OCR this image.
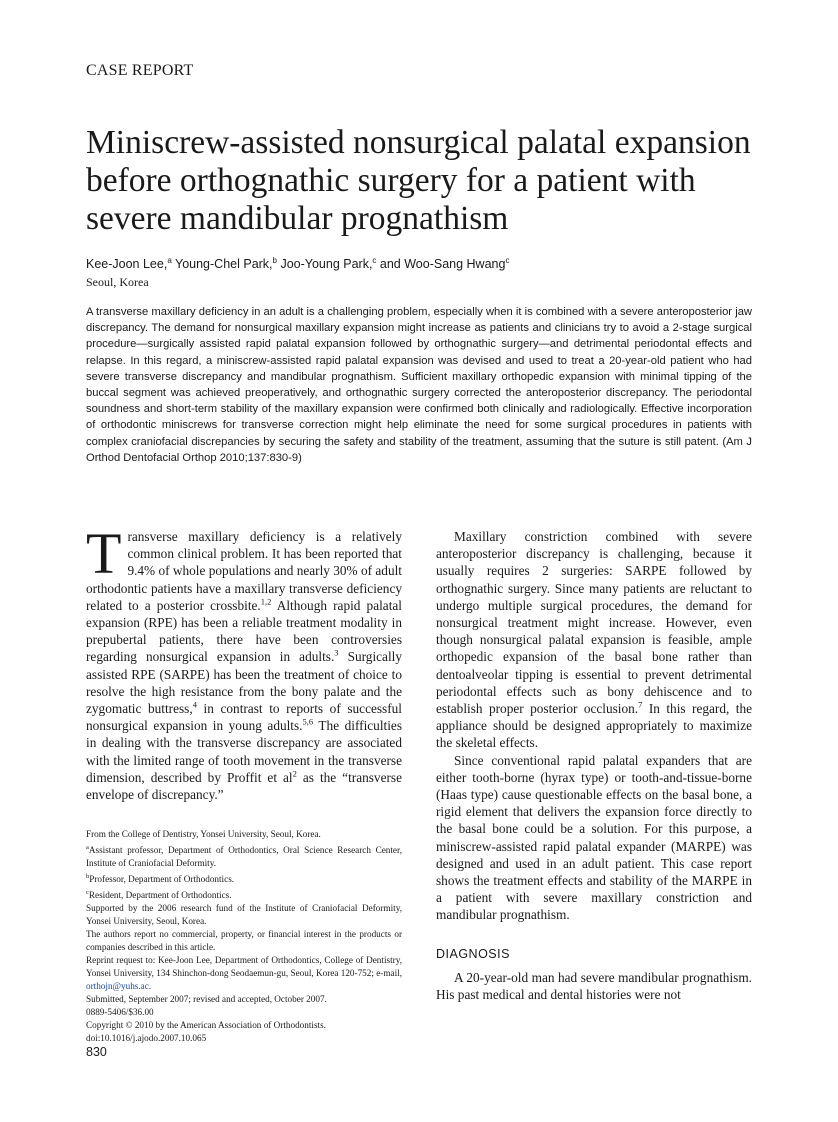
CASE REPORT
Miniscrew-assisted nonsurgical palatal expansion before orthognathic surgery for a patient with severe mandibular prognathism
Kee-Joon Lee,$^a$ Young-Chel Park,$^b$ Joo-Young Park,$^c$ and Woo-Sang Hwang$^c$
Seoul, Korea
A transverse maxillary deficiency in an adult is a challenging problem, especially when it is combined with a severe anteroposterior jaw discrepancy. The demand for nonsurgical maxillary expansion might increase as patients and clinicians try to avoid a 2-stage surgical procedure—surgically assisted rapid palatal expansion followed by orthognathic surgery—and detrimental periodontal effects and relapse. In this regard, a miniscrew-assisted rapid palatal expansion was devised and used to treat a 20-year-old patient who had severe transverse discrepancy and mandibular prognathism. Sufficient maxillary orthopedic expansion with minimal tipping of the buccal segment was achieved preoperatively, and orthognathic surgery corrected the anteroposterior discrepancy. The periodontal soundness and short-term stability of the maxillary expansion were confirmed both clinically and radiologically. Effective incorporation of orthodontic miniscrews for transverse correction might help eliminate the need for some surgical procedures in patients with complex craniofacial discrepancies by securing the safety and stability of the treatment, assuming that the suture is still patent. (Am J Orthod Dentofacial Orthop 2010;137:830-9)

Transverse maxillary deficiency is a relatively common clinical problem. It has been reported that 9.4% of whole populations and nearly 30% of adult orthodontic patients have a maxillary transverse deficiency related to a posterior crossbite.$^{1,2}$ Although rapid palatal expansion (RPE) has been a reliable treatment modality in prepubertal patients, there have been controversies regarding nonsurgical expansion in adults.$^3$ Surgically assisted RPE (SARPE) has been the treatment of choice to resolve the high resistance from the bony palate and the zygomatic buttress,$^4$ in contrast to reports of successful nonsurgical expansion in young adults.$^{5,6}$ The difficulties in dealing with the transverse discrepancy are associated with the limited range of tooth movement in the transverse dimension, described by Proffit et al$^2$ as the “transverse envelope of discrepancy.”

From the College of Dentistry, Yonsei University, Seoul, Korea.
$^a$Assistant professor, Department of Orthodontics, Oral Science Research Center, Institute of Craniofacial Deformity.
$^b$Professor, Department of Orthodontics.
$^c$Resident, Department of Orthodontics.
Supported by the 2006 research fund of the Institute of Craniofacial Deformity, Yonsei University, Seoul, Korea.
The authors report no commercial, property, or financial interest in the products or companies described in this article.
Reprint request to: Kee-Joon Lee, Department of Orthodontics, College of Dentistry, Yonsei University, 134 Shinchon-dong Seodaemun-gu, Seoul, Korea 120-752; e-mail, orthojn@yuhs.ac.
Submitted, September 2007; revised and accepted, October 2007.
0889-5406/$36.00
Copyright © 2010 by the American Association of Orthodontists.
doi:10.1016/j.ajodo.2007.10.065

Maxillary constriction combined with severe anteroposterior discrepancy is challenging, because it usually requires 2 surgeries: SARPE followed by orthognathic surgery. Since many patients are reluctant to undergo multiple surgical procedures, the demand for nonsurgical treatment might increase. However, even though nonsurgical palatal expansion is feasible, ample orthopedic expansion of the basal bone rather than dentoalveolar tipping is essential to prevent detrimental periodontal effects such as bony dehiscence and to establish proper posterior occlusion.$^7$ In this regard, the appliance should be designed appropriately to maximize the skeletal effects.

Since conventional rapid palatal expanders that are either tooth-borne (hyrax type) or tooth-and-tissue-borne (Haas type) cause questionable effects on the basal bone, a rigid element that delivers the expansion force directly to the basal bone could be a solution. For this purpose, a miniscrew-assisted rapid palatal expander (MARPE) was designed and used in an adult patient. This case report shows the treatment effects and stability of the MARPE in a patient with severe maxillary constriction and mandibular prognathism.

DIAGNOSIS

A 20-year-old man had severe mandibular prognathism. His past medical and dental histories were not

830
